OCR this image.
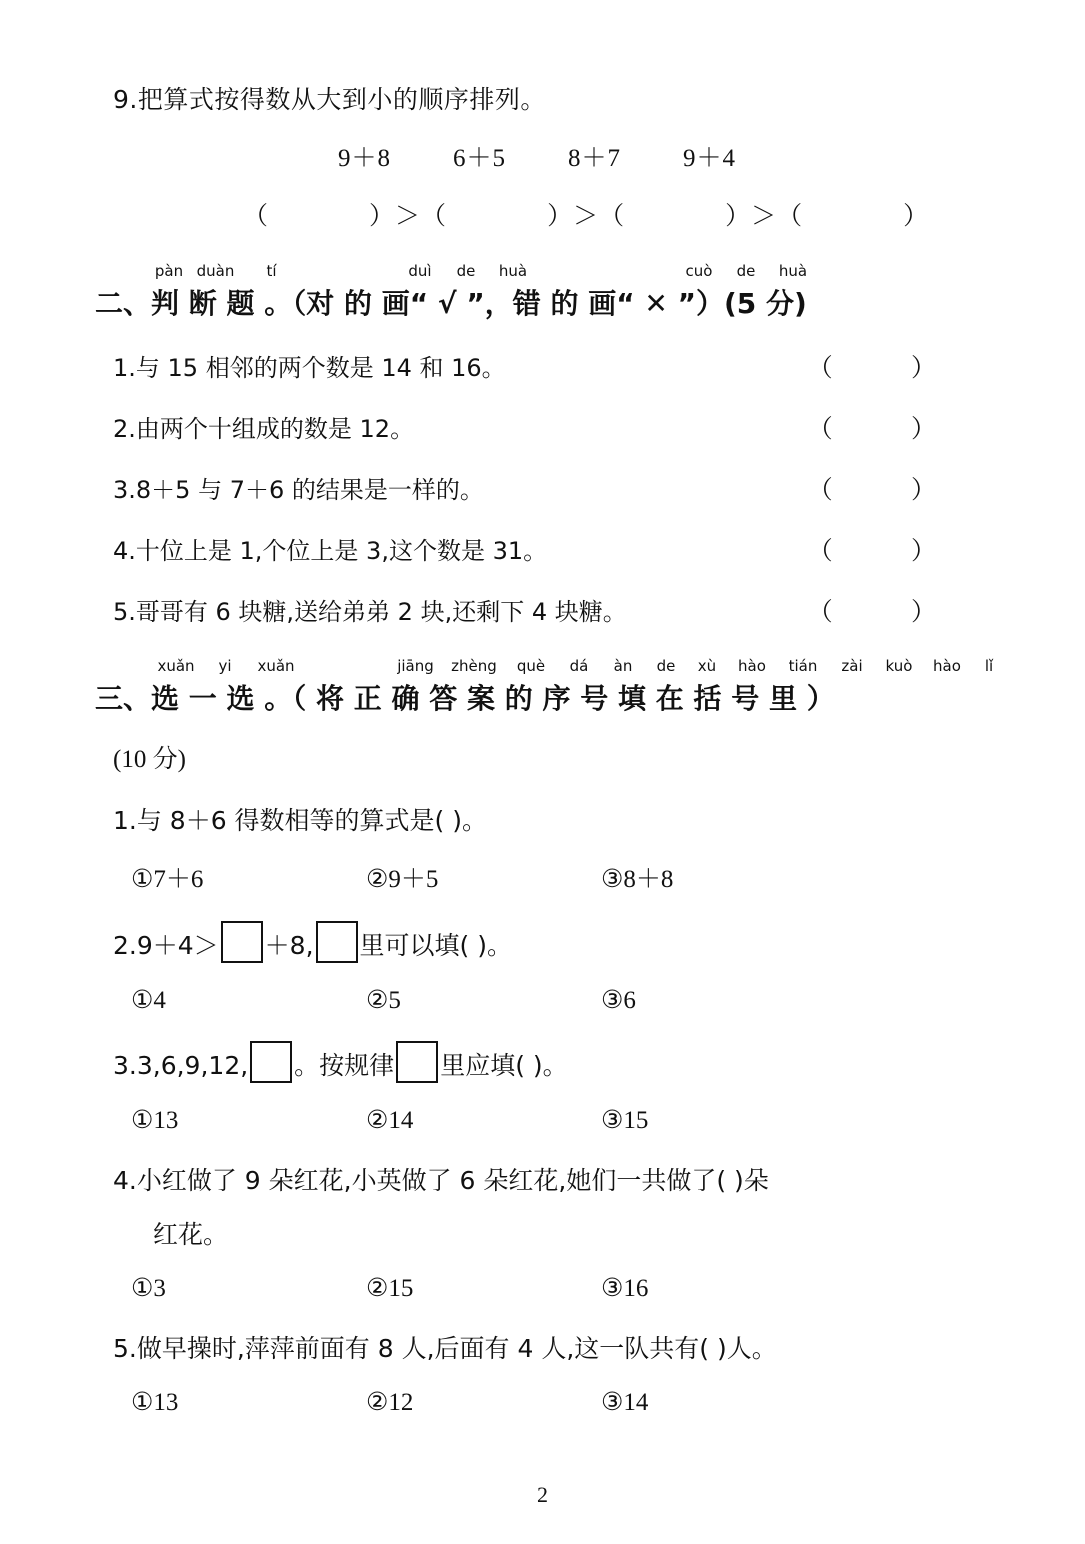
9.把算式按得数从大到小的顺序排列。
9＋8 6＋5 8＋7 9＋4
（	）＞（	）＞（	）＞（	）
pàn duàn tí	duì de huà	cuò de huà
二、判 断 题 。（对 的 画“ √ ”，错 的 画“ ✕ ”）(5 分)
1.与 15 相邻的两个数是 14 和 16。	（ ）
2.由两个十组成的数是 12。	（ ）
3.8＋5 与 7＋6 的结果是一样的。	（ ）
4.十位上是 1,个位上是 3,这个数是 31。	（ ）
5.哥哥有 6 块糖,送给弟弟 2 块,还剩下 4 块糖。	（ ）
xuǎn yi xuǎn	jiāng zhèng què dá àn de xù hào tián zài kuò hào lǐ
三、选 一 选 。（ 将 正 确 答 案 的 序 号 填 在 括 号 里 ）
(10 分)
1.与 8＋6 得数相等的算式是( )。
①7＋6	②9＋5	③8＋8
2.9＋4＞ ＋8, 里可以填( )。
①4	②5	③6
3.3,6,9,12, 。按规律 里应填( )。
①13	②14	③15
4.小红做了 9 朵红花,小英做了 6 朵红花,她们一共做了( )朵
红花。
①3	②15	③16
5.做早操时,萍萍前面有 8 人,后面有 4 人,这一队共有( )人。
①13	②12	③14
2
